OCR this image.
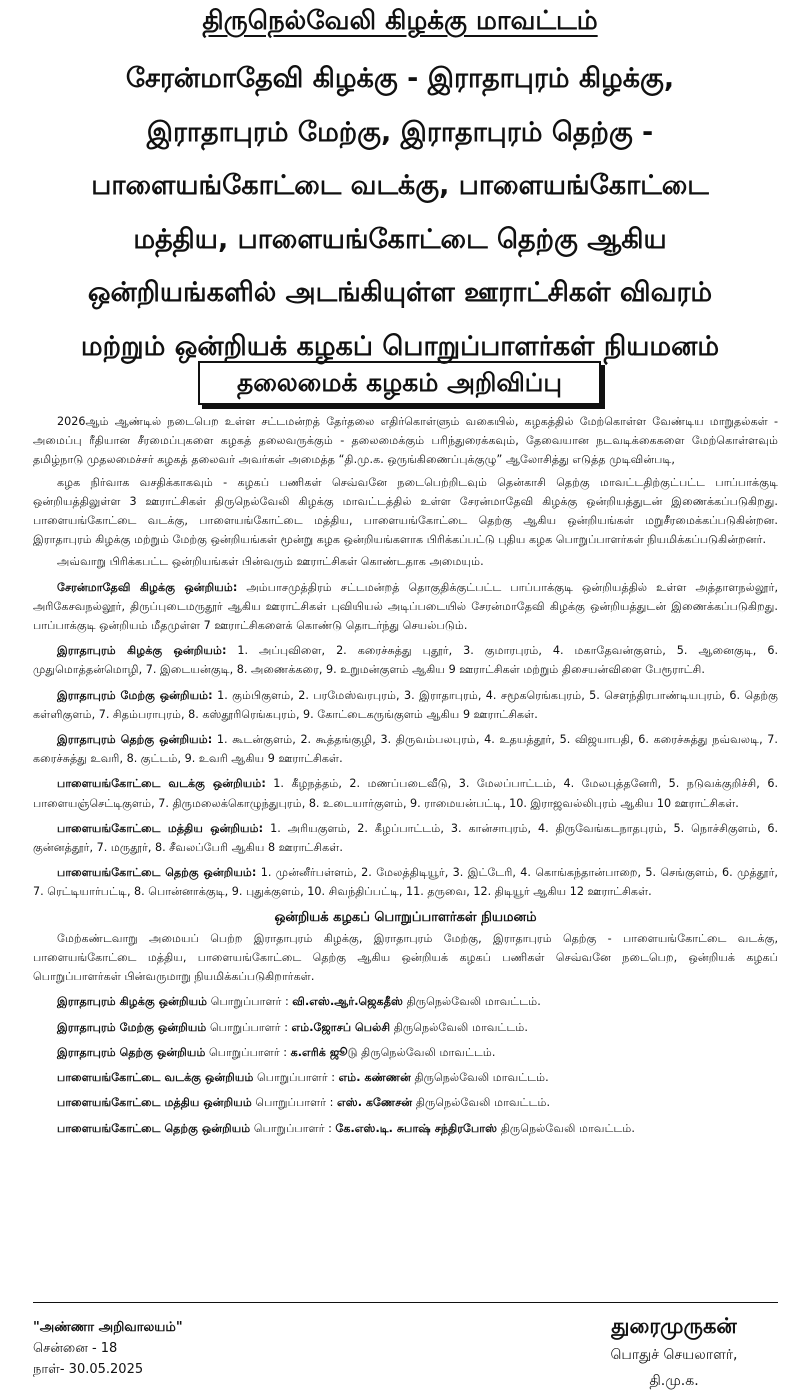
திருநெல்வேலி கிழக்கு மாவட்டம்
சேரன்மாதேவி கிழக்கு - இராதாபுரம் கிழக்கு,
இராதாபுரம் மேற்கு, இராதாபுரம் தெற்கு -
பாளையங்கோட்டை வடக்கு, பாளையங்கோட்டை
மத்திய, பாளையங்கோட்டை தெற்கு ஆகிய
ஒன்றியங்களில் அடங்கியுள்ள ஊராட்சிகள் விவரம்
மற்றும் ஒன்றியக் கழகப் பொறுப்பாளர்கள் நியமனம்
தலைமைக் கழகம் அறிவிப்பு

2026ஆம் ஆண்டில் நடைபெற உள்ள சட்டமன்றத் தேர்தலை எதிர்கொள்ளும் வகையில், கழகத்தில் மேற்கொள்ள வேண்டிய மாறுதல்கள் - அமைப்பு ரீதியான சீரமைப்புகளை கழகத் தலைவருக்கும் - தலைமைக்கும் பரிந்துரைக்கவும், தேவையான நடவடிக்கைகளை மேற்கொள்ளவும் தமிழ்நாடு முதலமைச்சர் கழகத் தலைவர் அவர்கள் அமைத்த “தி.மு.க. ஒருங்கிணைப்புக்குழு” ஆலோசித்து எடுத்த முடிவின்படி,

கழக நிர்வாக வசதிக்காகவும் - கழகப் பணிகள் செவ்வனே நடைபெற்றிடவும் தென்காசி தெற்கு மாவட்டதிற்குட்பட்ட பாப்பாக்குடி ஒன்றியத்திலுள்ள 3 ஊராட்சிகள் திருநெல்வேலி கிழக்கு மாவட்டத்தில் உள்ள சேரன்மாதேவி கிழக்கு ஒன்றியத்துடன் இணைக்கப்படுகிறது. பாளையங்கோட்டை வடக்கு, பாளையங்கோட்டை மத்திய, பாளையங்கோட்டை தெற்கு ஆகிய ஒன்றியங்கள் மறுசீரமைக்கப்படுகின்றன. இராதாபுரம் கிழக்கு மற்றும் மேற்கு ஒன்றியங்கள் மூன்று கழக ஒன்றியங்களாக பிரிக்கப்பட்டு புதிய கழக பொறுப்பாளர்கள் நியமிக்கப்படுகின்றனர்.

அவ்வாறு பிரிக்கபட்ட ஒன்றியங்கள் பின்வரும் ஊராட்சிகள் கொண்டதாக அமையும்.

சேரன்மாதேவி கிழக்கு ஒன்றியம்: அம்பாசமுத்திரம் சட்டமன்றத் தொகுதிக்குட்பட்ட பாப்பாக்குடி ஒன்றியத்தில் உள்ள அத்தாளநல்லூர், அரிகேசவநல்லூர், திருப்புடைமருதூர் ஆகிய ஊராட்சிகள் புவியியல் அடிப்படையில் சேரன்மாதேவி கிழக்கு ஒன்றியத்துடன் இணைக்கப்படுகிறது. பாப்பாக்குடி ஒன்றியம் மீதமுள்ள 7 ஊராட்சிகளைக் கொண்டு தொடர்ந்து செயல்படும்.

இராதாபுரம் கிழக்கு ஒன்றியம்: 1. அப்புவிளை, 2. கரைச்சுத்து புதூர், 3. குமாரபுரம், 4. மகாதேவன்குளம், 5. ஆனைகுடி, 6. முதுமொத்தன்மொழி, 7. இடையன்குடி, 8. அணைக்கரை, 9. உறுமன்குளம் ஆகிய 9 ஊராட்சிகள் மற்றும் திசையன்விளை பேரூராட்சி.

இராதாபுரம் மேற்கு ஒன்றியம்: 1. கும்பிகுளம், 2. பரமேஸ்வரபுரம், 3. இராதாபுரம், 4. சமூகரெங்கபுரம், 5. சௌந்திரபாண்டியபுரம், 6. தெற்கு கள்ளிகுளம், 7. சிதம்பராபுரம், 8. கஸ்தூரிரெங்கபுரம், 9. கோட்டைகருங்குளம் ஆகிய 9 ஊராட்சிகள்.

இராதாபுரம் தெற்கு ஒன்றியம்: 1. கூடன்குளம், 2. கூத்தங்குழி, 3. திருவம்பலபுரம், 4. உதயத்தூர், 5. விஜயாபதி, 6. கரைச்சுத்து நவ்வலடி, 7. கரைச்சுத்து உவரி, 8. குட்டம், 9. உவரி ஆகிய 9 ஊராட்சிகள்.

பாளையங்கோட்டை வடக்கு ஒன்றியம்: 1. கீழநத்தம், 2. மணப்படைவீடு, 3. மேலப்பாட்டம், 4. மேலபுத்தனேரி, 5. நடுவக்குறிச்சி, 6. பாளையஞ்செட்டிகுளம், 7. திருமலைக்கொழுந்துபுரம், 8. உடையார்குளம், 9. ராமையன்பட்டி, 10. இராஜவல்லிபுரம் ஆகிய 10 ஊராட்சிகள்.

பாளையங்கோட்டை மத்திய ஒன்றியம்: 1. அரியகுளம், 2. கீழப்பாட்டம், 3. கான்சாபுரம், 4. திருவேங்கடநாதபுரம், 5. நொச்சிகுளம், 6. குன்னத்தூர், 7. மருதூர், 8. சீவலப்பேரி ஆகிய 8 ஊராட்சிகள்.

பாளையங்கோட்டை தெற்கு ஒன்றியம்: 1. முன்னீர்பள்ளம், 2. மேலத்திடியூர், 3. இட்டேரி, 4. கொங்கந்தான்பாறை, 5. செங்குளம், 6. முத்தூர், 7. ரெட்டியார்பட்டி, 8. பொன்னாக்குடி, 9. புதுக்குளம், 10. சிவந்திப்பட்டி, 11. தருவை, 12. திடியூர் ஆகிய 12 ஊராட்சிகள்.

ஒன்றியக் கழகப் பொறுப்பாளர்கள் நியமனம்

மேற்கண்டவாறு அமையப் பெற்ற இராதாபுரம் கிழக்கு, இராதாபுரம் மேற்கு, இராதாபுரம் தெற்கு - பாளையங்கோட்டை வடக்கு, பாளையங்கோட்டை மத்திய, பாளையங்கோட்டை தெற்கு ஆகிய ஒன்றியக் கழகப் பணிகள் செவ்வனே நடைபெற, ஒன்றியக் கழகப் பொறுப்பாளர்கள் பின்வருமாறு நியமிக்கப்படுகிறார்கள்.

இராதாபுரம் கிழக்கு ஒன்றியம் பொறுப்பாளர் : வி.எஸ்.ஆர்.ஜெகதீஸ் திருநெல்வேலி மாவட்டம்.

இராதாபுரம் மேற்கு ஒன்றியம் பொறுப்பாளர் : எம்.ஜோசப் பெல்சி திருநெல்வேலி மாவட்டம்.

இராதாபுரம் தெற்கு ஒன்றியம் பொறுப்பாளர் : க.எரிக் ஜூடு திருநெல்வேலி மாவட்டம்.

பாளையங்கோட்டை வடக்கு ஒன்றியம் பொறுப்பாளர் : எம். கண்ணன் திருநெல்வேலி மாவட்டம்.

பாளையங்கோட்டை மத்திய ஒன்றியம் பொறுப்பாளர் : எஸ். கணேசன் திருநெல்வேலி மாவட்டம்.

பாளையங்கோட்டை தெற்கு ஒன்றியம் பொறுப்பாளர் : கே.எஸ்.டி. சுபாஷ் சந்திரபோஸ் திருநெல்வேலி மாவட்டம்.

"அண்ணா அறிவாலயம்"
சென்னை - 18
நாள்- 30.05.2025
துரைமுருகன்
பொதுச் செயலாளர்,
தி.மு.க.
